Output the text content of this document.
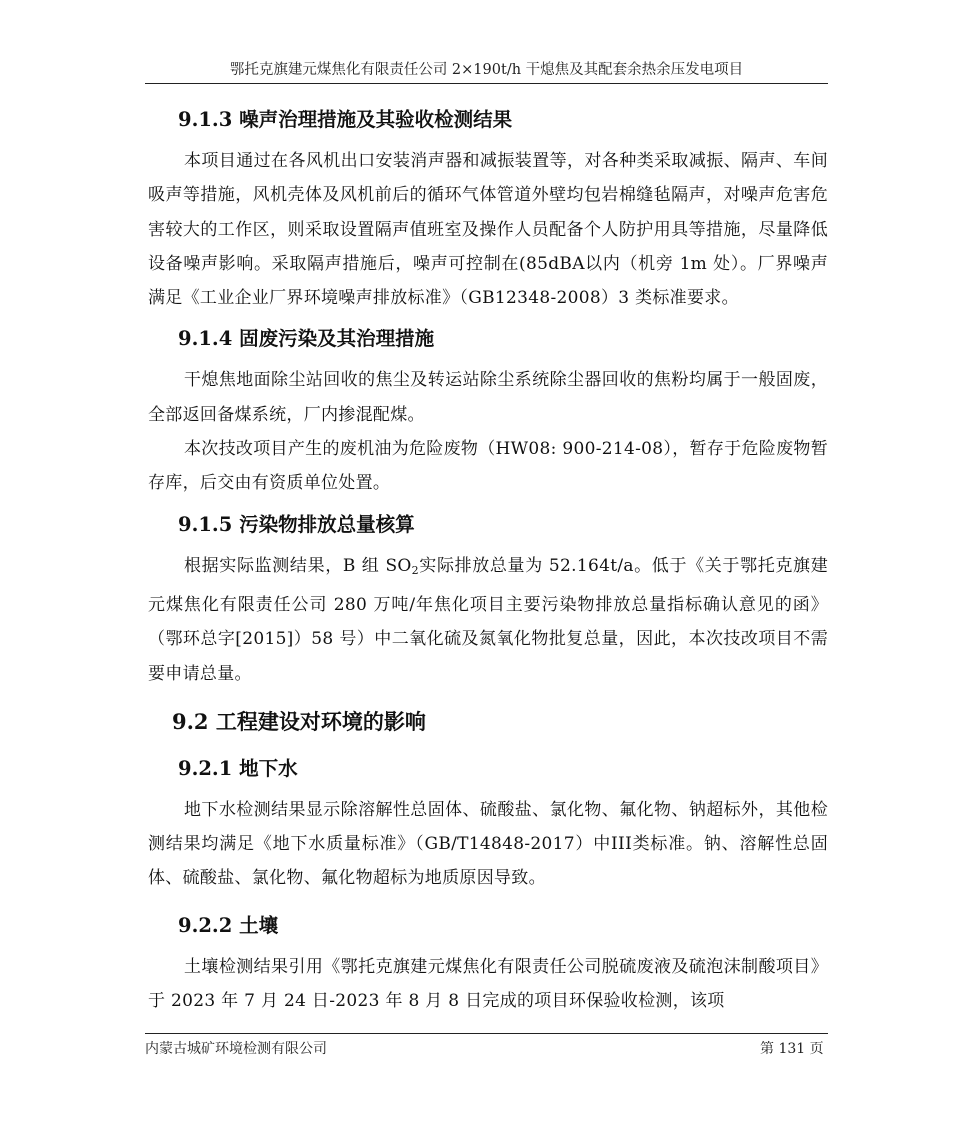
鄂托克旗建元煤焦化有限责任公司 2×190t/h 干熄焦及其配套余热余压发电项目
9.1.3 噪声治理措施及其验收检测结果

本项目通过在各风机出口安装消声器和减振装置等，对各种类采取减振、隔声、车间吸声等措施，风机壳体及风机前后的循环气体管道外壁均包岩棉缝毡隔声，对噪声危害危害较大的工作区，则采取设置隔声值班室及操作人员配备个人防护用具等措施，尽量降低设备噪声影响。采取隔声措施后，噪声可控制在(85dBA以内（机旁 1m 处）。厂界噪声满足《工业企业厂界环境噪声排放标准》（GB12348-2008）3 类标准要求。

9.1.4 固废污染及其治理措施

干熄焦地面除尘站回收的焦尘及转运站除尘系统除尘器回收的焦粉均属于一般固废，全部返回备煤系统，厂内掺混配煤。

本次技改项目产生的废机油为危险废物（HW08: 900-214-08），暂存于危险废物暂存库，后交由有资质单位处置。

9.1.5 污染物排放总量核算

根据实际监测结果，B 组 $SO_2$实际排放总量为 52.164t/a。低于《关于鄂托克旗建元煤焦化有限责任公司 280 万吨/年焦化项目主要污染物排放总量指标确认意见的函》（鄂环总字[2015]）58 号）中二氧化硫及氮氧化物批复总量，因此，本次技改项目不需要申请总量。

9.2 工程建设对环境的影响
9.2.1 地下水

地下水检测结果显示除溶解性总固体、硫酸盐、氯化物、氟化物、钠超标外，其他检测结果均满足《地下水质量标准》（GB/T14848-2017）中III类标准。钠、溶解性总固体、硫酸盐、氯化物、氟化物超标为地质原因导致。

9.2.2 土壤

土壤检测结果引用《鄂托克旗建元煤焦化有限责任公司脱硫废液及硫泡沫制酸项目》于 2023 年 7 月 24 日-2023 年 8 月 8 日完成的项目环保验收检测，该项

内蒙古城矿环境检测有限公司	第 131 页
